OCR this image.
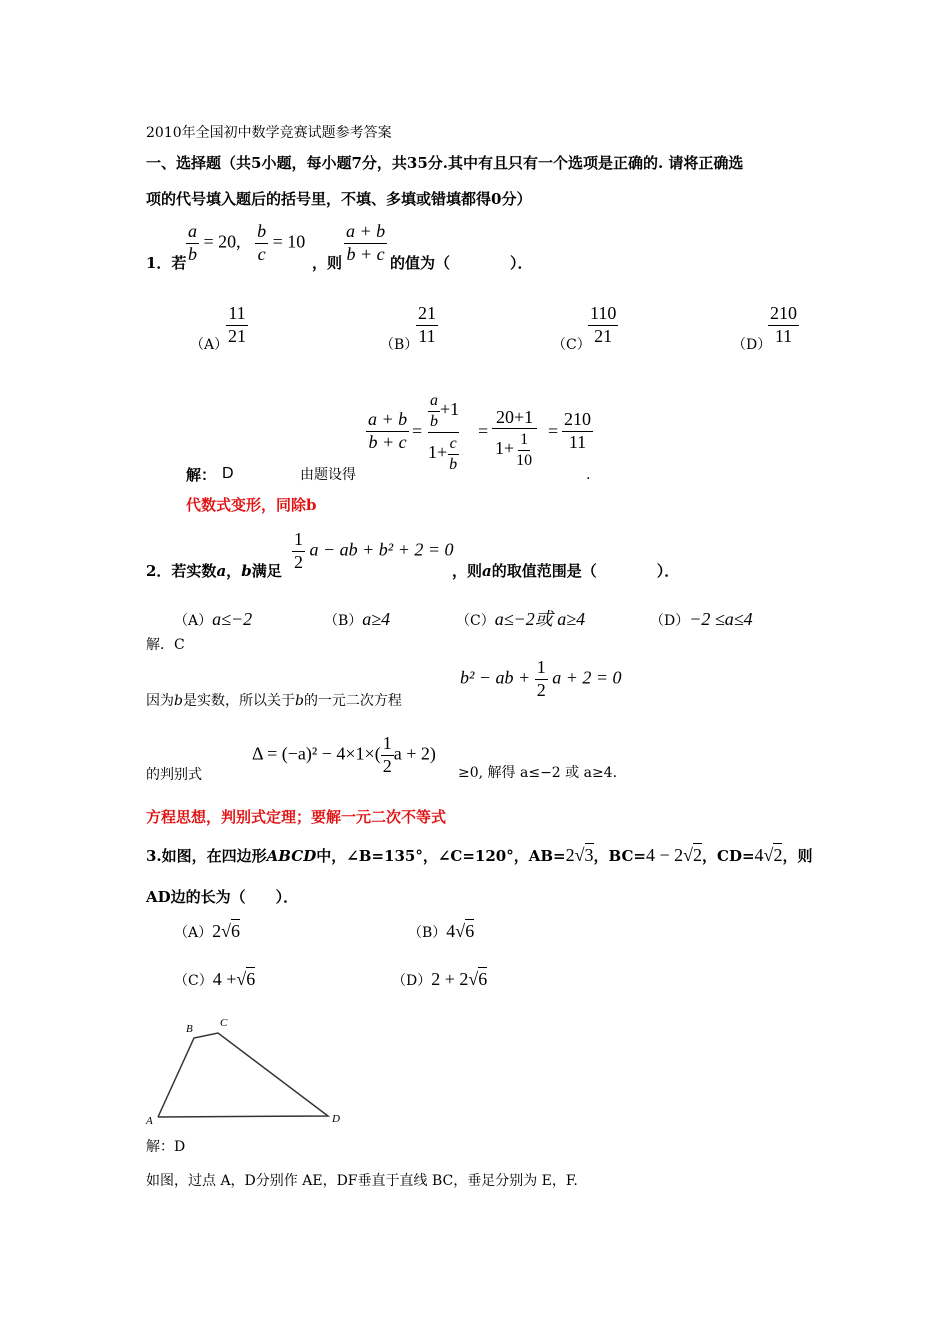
2010年全国初中数学竞赛试题参考答案
一、选择题（共5小题，每小题7分，共35分.其中有且只有一个选项是正确的. 请将正确选
项的代号填入题后的括号里，不填、多填或错填都得0分）
1．若 $\frac{a}{b} = 20$, $\frac{b}{c} = 10$
，则 $\frac{a + b}{b + c}$ 的值为（　　　　）．
（A）
$\frac{11}{21}$	（B）
$\frac{21}{11}$	（C）
$\frac{110}{21}$	（D）
$\frac{210}{11}$
$\frac{a + b}{b + c}$ =
$\frac{a}{b} +1$
$1+ \frac{c}{b}$
=
20+1
$1+ \frac{1}{10} = \frac{210}{11}$
解： D	由题设得	.
代数式变形，同除b
2．若实数a，b满足 $\frac{1}{2}$ a − ab + b² + 2 = 0
，则a的取值范围是（　　　　）．
（A）a≤−2	（B）a≥4	（C）a≤−2或 a≥4	（D）−2 ≤a≤4
解．C
因为b是实数，所以关于b的一元二次方程
b² − ab + $\frac{1}{2}$ a + 2 = 0
的判别式
$\Delta = (-a)^2 - 4\times 1\times( \frac{1}{2}$ a + 2)
≥0, 解得 a≤−2 或 a≥4.
方程思想，判别式定理；要解一元二次不等式
3.如图，在四边形ABCD中，∠B=135°，∠C=120°，AB=2√3，BC=4 − 2√2，CD=4√2，则
AD边的长为（　　）．
（A）2√6	（B）4√6
（C）4 +√6	（D）2 + 2√6
A
B C
D
解：D
如图，过点 A，D分别作 AE，DF垂直于直线 BC，垂足分别为 E，F.
